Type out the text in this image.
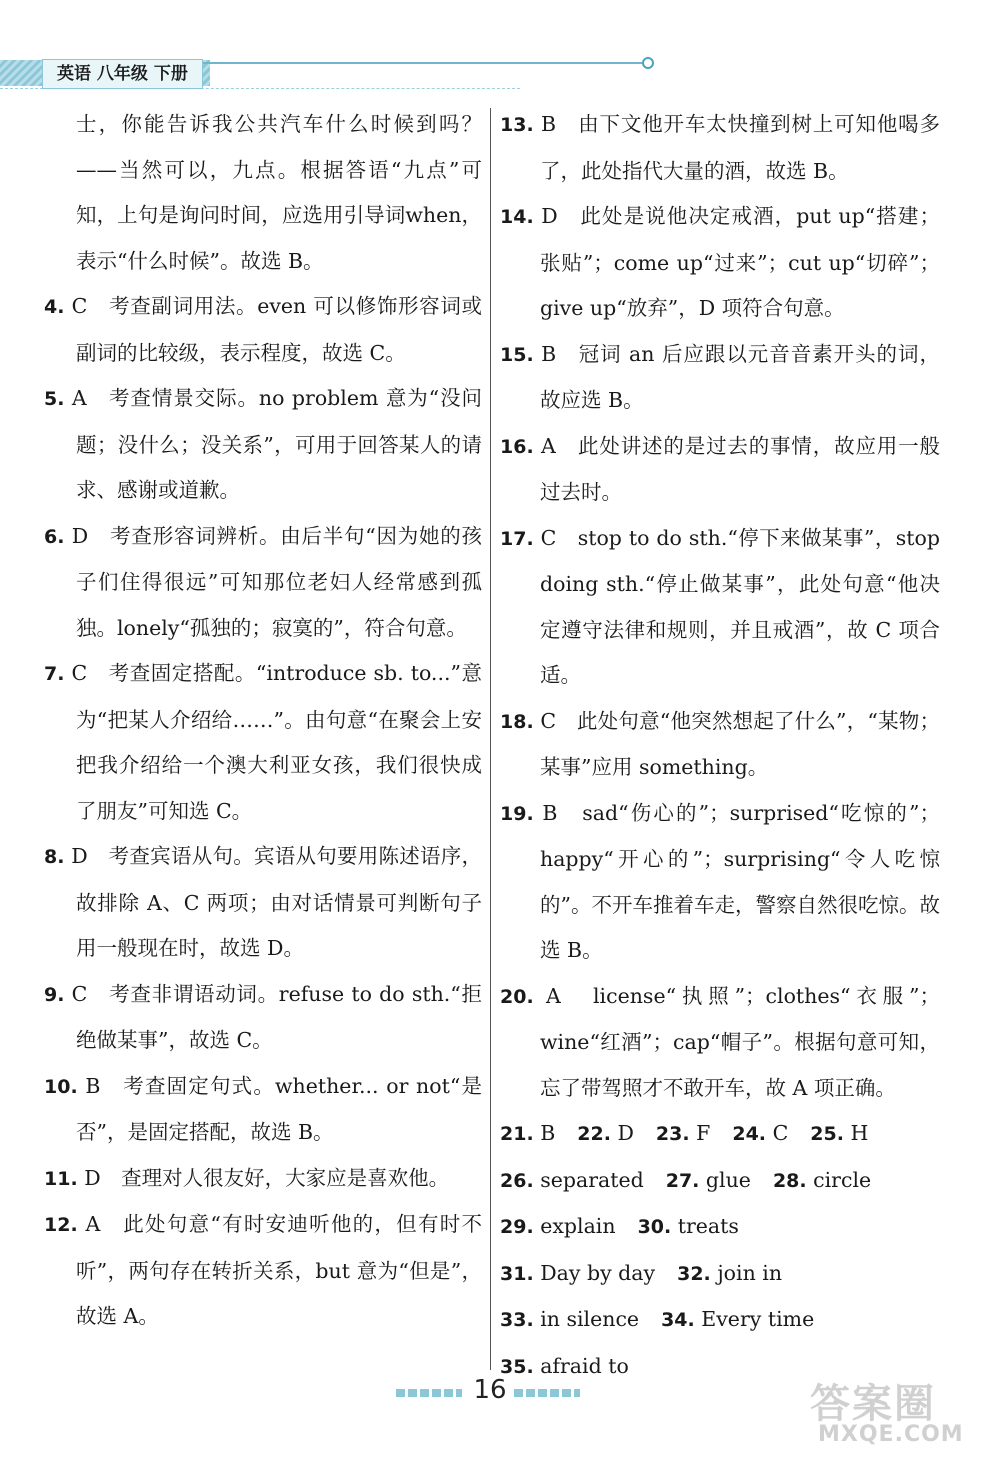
英语 八年级 下册
士，你能告诉我公共汽车什么时候到吗？——当然可以，九点。根据答语“九点”可知，上句是询问时间，应选用引导词when，表示“什么时候”。故选 B。
4. C　考查副词用法。even 可以修饰形容词或副词的比较级，表示程度，故选 C。
5. A　考查情景交际。no problem 意为“没问题；没什么；没关系”，可用于回答某人的请求、感谢或道歉。
6. D　考查形容词辨析。由后半句“因为她的孩子们住得很远”可知那位老妇人经常感到孤独。lonely“孤独的；寂寞的”，符合句意。
7. C　考查固定搭配。“introduce sb. to...”意为“把某人介绍给……”。由句意“在聚会上安把我介绍给一个澳大利亚女孩，我们很快成了朋友”可知选 C。
8. D　考查宾语从句。宾语从句要用陈述语序，故排除 A、C 两项；由对话情景可判断句子用一般现在时，故选 D。
9. C　考查非谓语动词。refuse to do sth.“拒绝做某事”，故选 C。
10. B　考查固定句式。whether... or not“是否”，是固定搭配，故选 B。
11. D　查理对人很友好，大家应是喜欢他。
12. A　此处句意“有时安迪听他的，但有时不听”，两句存在转折关系，but 意为“但是”，故选 A。
13. B　由下文他开车太快撞到树上可知他喝多了，此处指代大量的酒，故选 B。
14. D　此处是说他决定戒酒，put up“搭建；张贴”；come up“过来”；cut up“切碎”；give up“放弃”，D 项符合句意。
15. B　冠词 an 后应跟以元音音素开头的词，故应选 B。
16. A　此处讲述的是过去的事情，故应用一般过去时。
17. C　stop to do sth.“停下来做某事”，stop doing sth.“停止做某事”，此处句意“他决定遵守法律和规则，并且戒酒”，故 C 项合适。
18. C　此处句意“他突然想起了什么”，“某物；某事”应用 something。
19. B　sad“伤心的”；surprised“吃惊的”；happy“开心的”；surprising“令人吃惊的”。不开车推着车走，警察自然很吃惊。故选 B。
20. A　license“执照”；clothes“衣服”；wine“红酒”；cap“帽子”。根据句意可知，忘了带驾照才不敢开车，故 A 项正确。
21. B 22. D 23. F 24. C 25. H
26. separated 27. glue 28. circle
29. explain 30. treats
31. Day by day 32. join in
33. in silence 34. Every time
35. afraid to
16	答案圈
MXQE.COM
